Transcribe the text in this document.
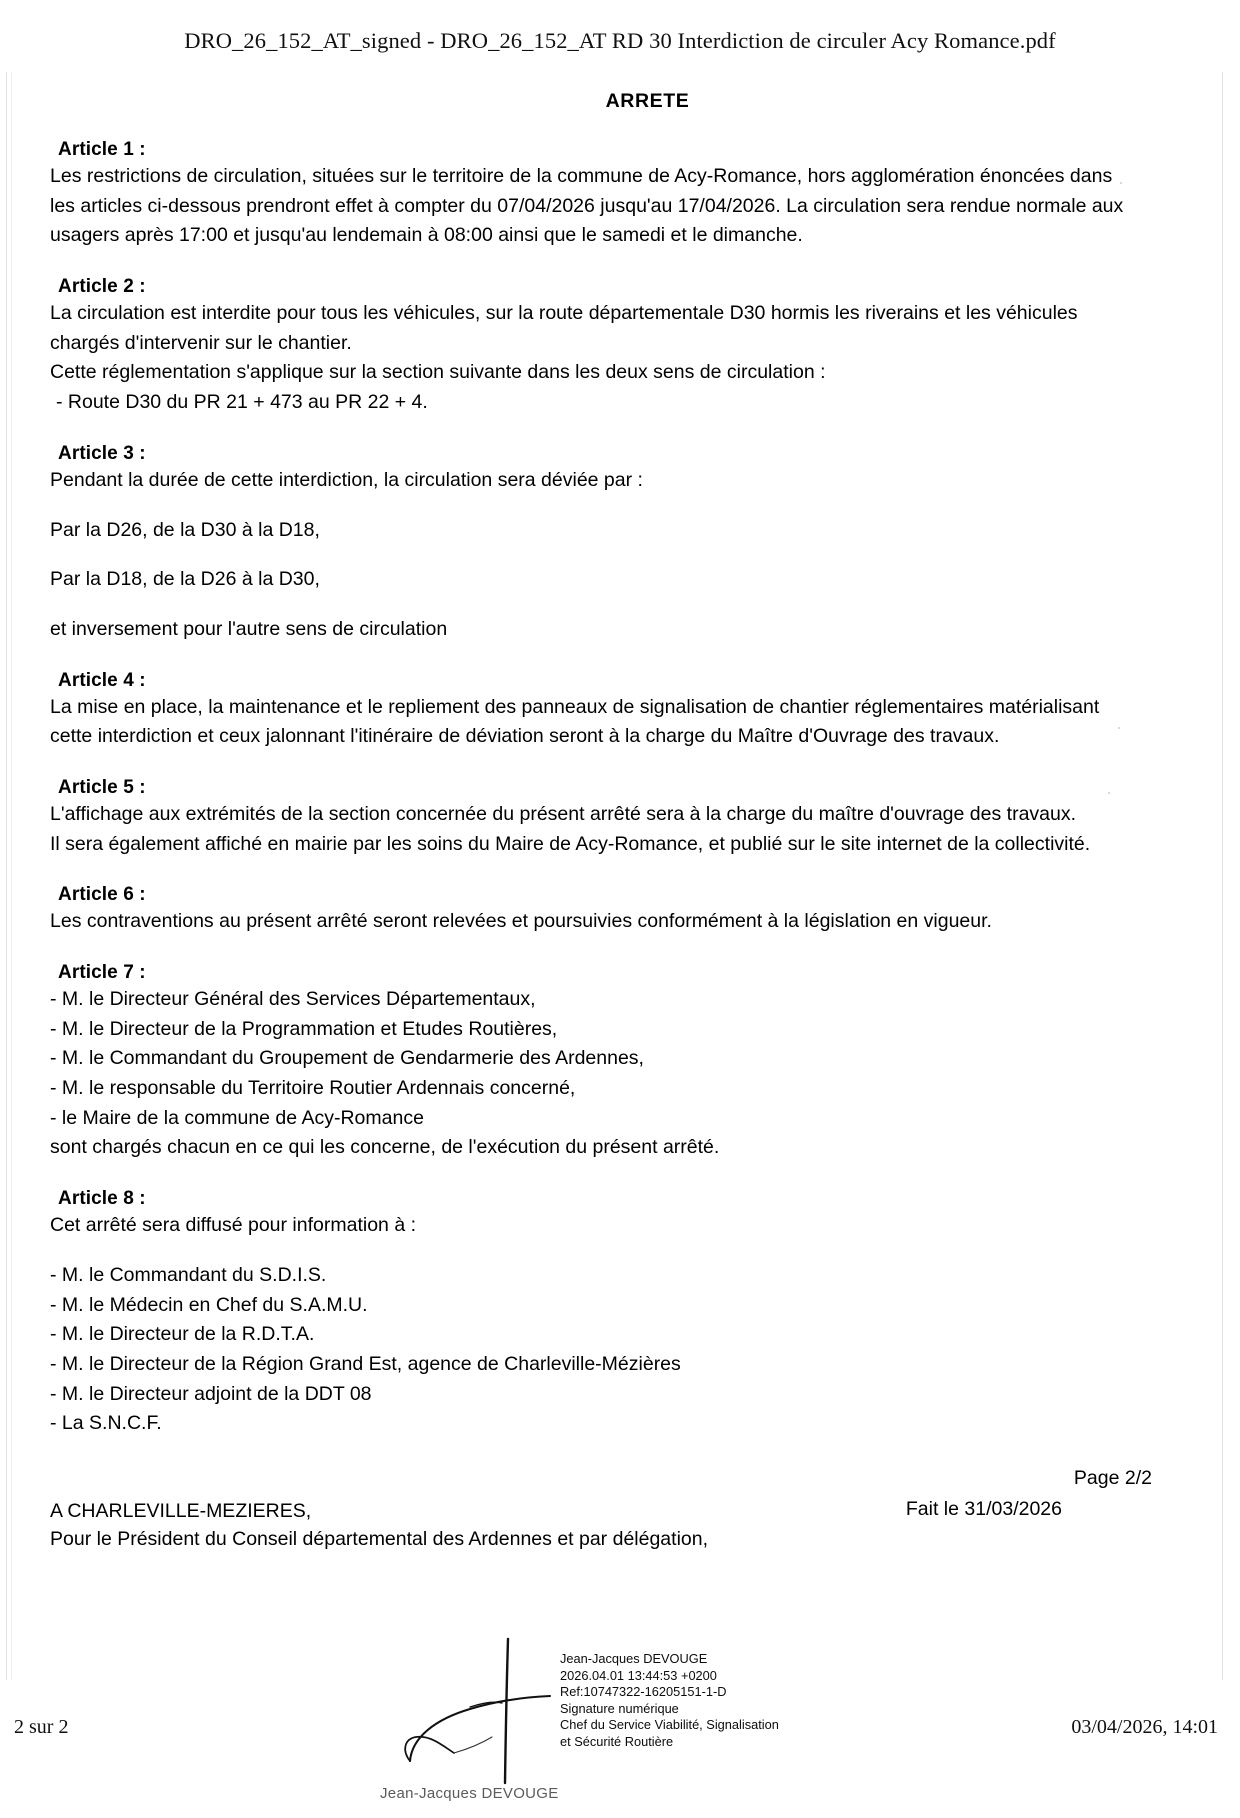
DRO_26_152_AT_signed - DRO_26_152_AT RD 30 Interdiction de circuler Acy Romance.pdf
ARRETE
Article 1 :
Les restrictions de circulation, situées sur le territoire de la commune de Acy-Romance, hors agglomération énoncées dans
les articles ci-dessous prendront effet à compter du 07/04/2026 jusqu'au 17/04/2026. La circulation sera rendue normale aux
usagers après 17:00 et jusqu'au lendemain à 08:00 ainsi que le samedi et le dimanche.
Article 2 :
La circulation est interdite pour tous les véhicules, sur la route départementale D30 hormis les riverains et les véhicules
chargés d'intervenir sur le chantier.
Cette réglementation s'applique sur la section suivante dans les deux sens de circulation :
- Route D30 du PR 21 + 473 au PR 22 + 4.
Article 3 :
Pendant la durée de cette interdiction, la circulation sera déviée par :
Par la D26, de la D30 à la D18,
Par la D18, de la D26 à la D30,
et inversement pour l'autre sens de circulation
Article 4 :
La mise en place, la maintenance et le repliement des panneaux de signalisation de chantier réglementaires matérialisant
cette interdiction et ceux jalonnant l'itinéraire de déviation seront à la charge du Maître d'Ouvrage des travaux.
Article 5 :
L'affichage aux extrémités de la section concernée du présent arrêté sera à la charge du maître d'ouvrage des travaux.
Il sera également affiché en mairie par les soins du Maire de Acy-Romance, et publié sur le site internet de la collectivité.
Article 6 :
Les contraventions au présent arrêté seront relevées et poursuivies conformément à la législation en vigueur.
Article 7 :
- M. le Directeur Général des Services Départementaux,
- M. le Directeur de la Programmation et Etudes Routières,
- M. le Commandant du Groupement de Gendarmerie des Ardennes,
- M. le responsable du Territoire Routier Ardennais concerné,
- le Maire de la commune de Acy-Romance
sont chargés chacun en ce qui les concerne, de l'exécution du présent arrêté.
Article 8 :
Cet arrêté sera diffusé pour information à :
- M. le Commandant du S.D.I.S.
- M. le Médecin en Chef du S.A.M.U.
- M. le Directeur de la R.D.T.A.
- M. le Directeur de la Région Grand Est, agence de Charleville-Mézières
- M. le Directeur adjoint de la DDT 08
- La S.N.C.F.
A CHARLEVILLE-MEZIERES,
Pour le Président du Conseil départemental des Ardennes et par délégation,
Fait le 31/03/2026
Jean-Jacques DEVOUGE
Jean-Jacques DEVOUGE
2026.04.01 13:44:53 +0200
Ref:10747322-16205151-1-D
Signature numérique
Chef du Service Viabilité, Signalisation
et Sécurité Routière
Page 2/2
2 sur 2	03/04/2026, 14:01
